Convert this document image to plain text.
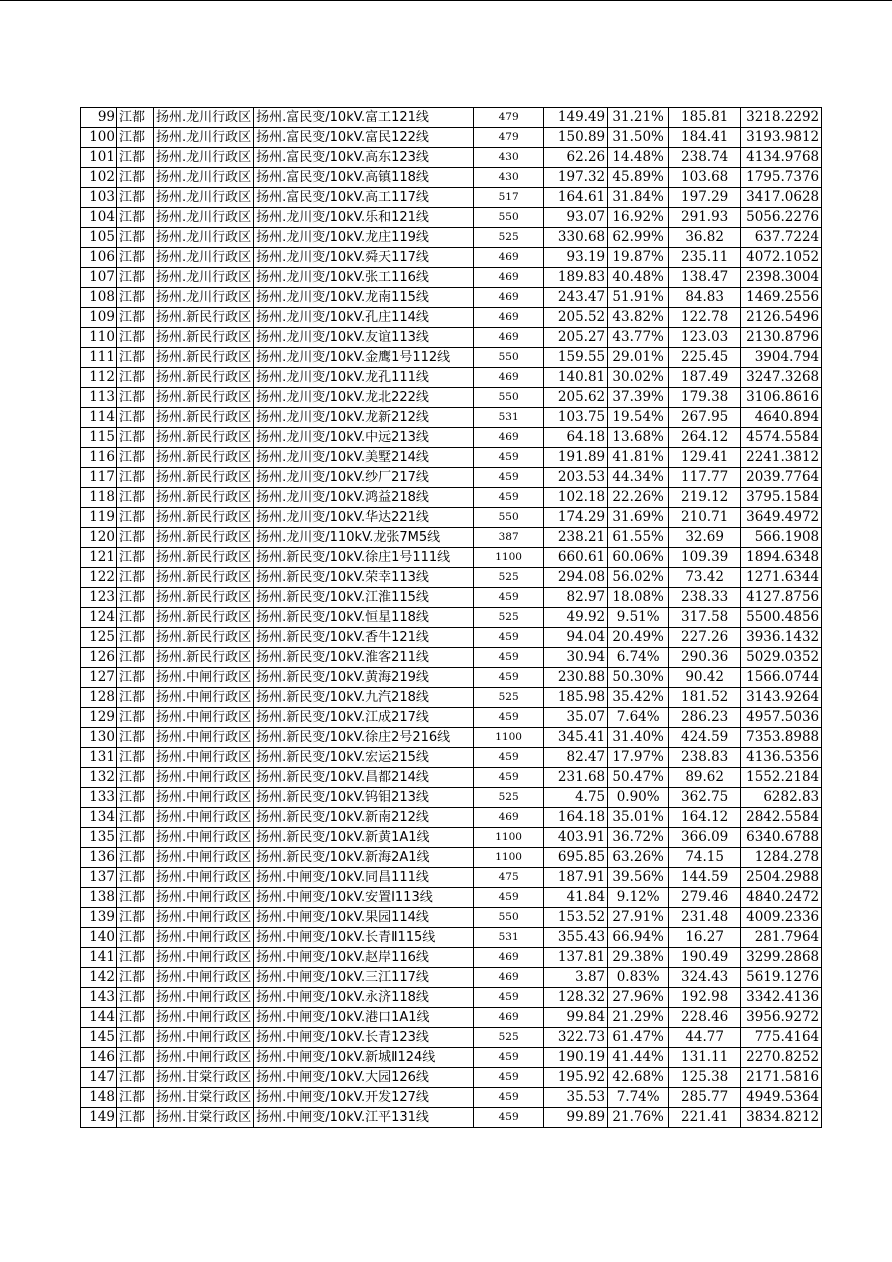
99	江都	扬州.龙川行政区	扬州.富民变/10kV.富工121线	479	149.49	31.21%	185.81	3218.2292
100	江都	扬州.龙川行政区	扬州.富民变/10kV.富民122线	479	150.89	31.50%	184.41	3193.9812
101	江都	扬州.龙川行政区	扬州.富民变/10kV.高东123线	430	62.26	14.48%	238.74	4134.9768
102	江都	扬州.龙川行政区	扬州.富民变/10kV.高镇118线	430	197.32	45.89%	103.68	1795.7376
103	江都	扬州.龙川行政区	扬州.富民变/10kV.高工117线	517	164.61	31.84%	197.29	3417.0628
104	江都	扬州.龙川行政区	扬州.龙川变/10kV.乐和121线	550	93.07	16.92%	291.93	5056.2276
105	江都	扬州.龙川行政区	扬州.龙川变/10kV.龙庄119线	525	330.68	62.99%	36.82	637.7224
106	江都	扬州.龙川行政区	扬州.龙川变/10kV.舜天117线	469	93.19	19.87%	235.11	4072.1052
107	江都	扬州.龙川行政区	扬州.龙川变/10kV.张工116线	469	189.83	40.48%	138.47	2398.3004
108	江都	扬州.龙川行政区	扬州.龙川变/10kV.龙南115线	469	243.47	51.91%	84.83	1469.2556
109	江都	扬州.新民行政区	扬州.龙川变/10kV.孔庄114线	469	205.52	43.82%	122.78	2126.5496
110	江都	扬州.新民行政区	扬州.龙川变/10kV.友谊113线	469	205.27	43.77%	123.03	2130.8796
111	江都	扬州.新民行政区	扬州.龙川变/10kV.金鹰1号112线	550	159.55	29.01%	225.45	3904.794
112	江都	扬州.新民行政区	扬州.龙川变/10kV.龙孔111线	469	140.81	30.02%	187.49	3247.3268
113	江都	扬州.新民行政区	扬州.龙川变/10kV.龙北222线	550	205.62	37.39%	179.38	3106.8616
114	江都	扬州.新民行政区	扬州.龙川变/10kV.龙新212线	531	103.75	19.54%	267.95	4640.894
115	江都	扬州.新民行政区	扬州.龙川变/10kV.中远213线	469	64.18	13.68%	264.12	4574.5584
116	江都	扬州.新民行政区	扬州.龙川变/10kV.美墅214线	459	191.89	41.81%	129.41	2241.3812
117	江都	扬州.新民行政区	扬州.龙川变/10kV.纱厂217线	459	203.53	44.34%	117.77	2039.7764
118	江都	扬州.新民行政区	扬州.龙川变/10kV.鸿益218线	459	102.18	22.26%	219.12	3795.1584
119	江都	扬州.新民行政区	扬州.龙川变/10kV.华达221线	550	174.29	31.69%	210.71	3649.4972
120	江都	扬州.新民行政区	扬州.龙川变/110kV.龙张7M5线	387	238.21	61.55%	32.69	566.1908
121	江都	扬州.新民行政区	扬州.新民变/10kV.徐庄1号111线	1100	660.61	60.06%	109.39	1894.6348
122	江都	扬州.新民行政区	扬州.新民变/10kV.荣幸113线	525	294.08	56.02%	73.42	1271.6344
123	江都	扬州.新民行政区	扬州.新民变/10kV.江淮115线	459	82.97	18.08%	238.33	4127.8756
124	江都	扬州.新民行政区	扬州.新民变/10kV.恒星118线	525	49.92	9.51%	317.58	5500.4856
125	江都	扬州.新民行政区	扬州.新民变/10kV.香牛121线	459	94.04	20.49%	227.26	3936.1432
126	江都	扬州.新民行政区	扬州.新民变/10kV.淮客211线	459	30.94	6.74%	290.36	5029.0352
127	江都	扬州.中闸行政区	扬州.新民变/10kV.黄海219线	459	230.88	50.30%	90.42	1566.0744
128	江都	扬州.中闸行政区	扬州.新民变/10kV.九汽218线	525	185.98	35.42%	181.52	3143.9264
129	江都	扬州.中闸行政区	扬州.新民变/10kV.江成217线	459	35.07	7.64%	286.23	4957.5036
130	江都	扬州.中闸行政区	扬州.新民变/10kV.徐庄2号216线	1100	345.41	31.40%	424.59	7353.8988
131	江都	扬州.中闸行政区	扬州.新民变/10kV.宏运215线	459	82.47	17.97%	238.83	4136.5356
132	江都	扬州.中闸行政区	扬州.新民变/10kV.昌都214线	459	231.68	50.47%	89.62	1552.2184
133	江都	扬州.中闸行政区	扬州.新民变/10kV.钨钼213线	525	4.75	0.90%	362.75	6282.83
134	江都	扬州.中闸行政区	扬州.新民变/10kV.新南212线	469	164.18	35.01%	164.12	2842.5584
135	江都	扬州.中闸行政区	扬州.新民变/10kV.新黄1A1线	1100	403.91	36.72%	366.09	6340.6788
136	江都	扬州.中闸行政区	扬州.新民变/10kV.新海2A1线	1100	695.85	63.26%	74.15	1284.278
137	江都	扬州.中闸行政区	扬州.中闸变/10kV.同昌111线	475	187.91	39.56%	144.59	2504.2988
138	江都	扬州.中闸行政区	扬州.中闸变/10kV.安置Ⅰ113线	459	41.84	9.12%	279.46	4840.2472
139	江都	扬州.中闸行政区	扬州.中闸变/10kV.果园114线	550	153.52	27.91%	231.48	4009.2336
140	江都	扬州.中闸行政区	扬州.中闸变/10kV.长青Ⅱ115线	531	355.43	66.94%	16.27	281.7964
141	江都	扬州.中闸行政区	扬州.中闸变/10kV.赵岸116线	469	137.81	29.38%	190.49	3299.2868
142	江都	扬州.中闸行政区	扬州.中闸变/10kV.三江117线	469	3.87	0.83%	324.43	5619.1276
143	江都	扬州.中闸行政区	扬州.中闸变/10kV.永济118线	459	128.32	27.96%	192.98	3342.4136
144	江都	扬州.中闸行政区	扬州.中闸变/10kV.港口1A1线	469	99.84	21.29%	228.46	3956.9272
145	江都	扬州.中闸行政区	扬州.中闸变/10kV.长青123线	525	322.73	61.47%	44.77	775.4164
146	江都	扬州.中闸行政区	扬州.中闸变/10kV.新城Ⅱ124线	459	190.19	41.44%	131.11	2270.8252
147	江都	扬州.甘棠行政区	扬州.中闸变/10kV.大园126线	459	195.92	42.68%	125.38	2171.5816
148	江都	扬州.甘棠行政区	扬州.中闸变/10kV.开发127线	459	35.53	7.74%	285.77	4949.5364
149	江都	扬州.甘棠行政区	扬州.中闸变/10kV.江平131线	459	99.89	21.76%	221.41	3834.8212
